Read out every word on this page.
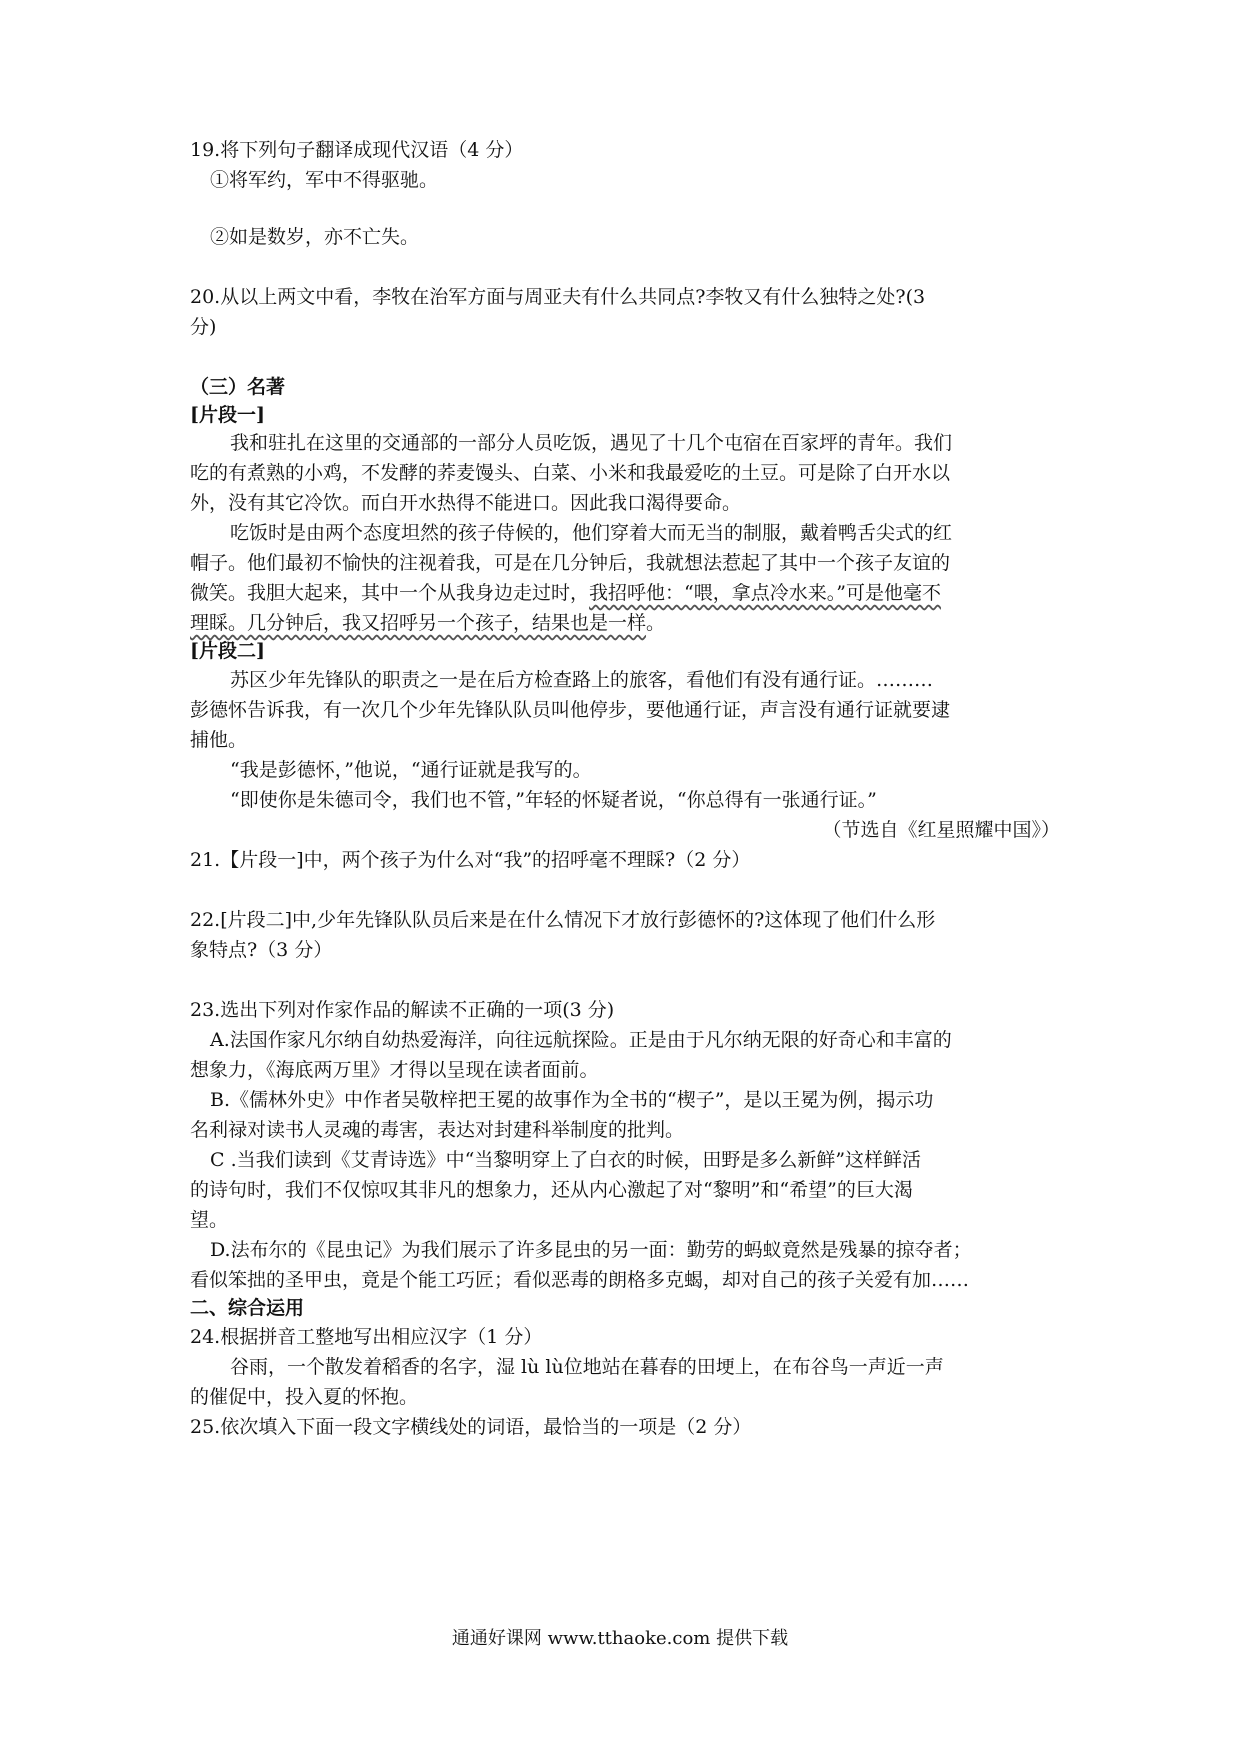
19.将下列句子翻译成现代汉语（4 分）
①将军约，军中不得驱驰。
②如是数岁，亦不亡失。
20.从以上两文中看，李牧在治军方面与周亚夫有什么共同点?李牧又有什么独特之处?(3
分)
（三）名著
[片段一]
我和驻扎在这里的交通部的一部分人员吃饭，遇见了十几个屯宿在百家坪的青年。我们
吃的有煮熟的小鸡，不发酵的荞麦馒头、白菜、小米和我最爱吃的土豆。可是除了白开水以
外，没有其它冷饮。而白开水热得不能进口。因此我口渴得要命。
吃饭时是由两个态度坦然的孩子侍候的，他们穿着大而无当的制服，戴着鸭舌尖式的红
帽子。他们最初不愉快的注视着我，可是在几分钟后，我就想法惹起了其中一个孩子友谊的
微笑。我胆大起来，其中一个从我身边走过时，我招呼他：“喂，拿点冷水来。”可是他毫不
理睬。几分钟后，我又招呼另一个孩子，结果也是一样。
[片段二]
苏区少年先锋队的职责之一是在后方检查路上的旅客，看他们有没有通行证。………
彭德怀告诉我，有一次几个少年先锋队队员叫他停步，要他通行证，声言没有通行证就要逮
捕他。
“我是彭德怀，”他说，“通行证就是我写的。
“即使你是朱德司令，我们也不管，”年轻的怀疑者说，“你总得有一张通行证。”
（节选自《红星照耀中国》）
21.【片段一]中，两个孩子为什么对“我”的招呼毫不理睬?（2 分）
22.[片段二]中,少年先锋队队员后来是在什么情况下才放行彭德怀的?这体现了他们什么形
象特点?（3 分）
23.选出下列对作家作品的解读不正确的一项(3 分)
A.法国作家凡尔纳自幼热爱海洋，向往远航探险。正是由于凡尔纳无限的好奇心和丰富的
想象力，《海底两万里》才得以呈现在读者面前。
B.《儒林外史》中作者吴敬梓把王冕的故事作为全书的“楔子”，是以王冕为例，揭示功
名利禄对读书人灵魂的毒害，表达对封建科举制度的批判。
C .当我们读到《艾青诗选》中“当黎明穿上了白衣的时候，田野是多么新鲜”这样鲜活
的诗句时，我们不仅惊叹其非凡的想象力，还从内心激起了对“黎明”和“希望”的巨大渴
望。
D.法布尔的《昆虫记》为我们展示了许多昆虫的另一面：勤劳的蚂蚁竟然是残暴的掠夺者；
看似笨拙的圣甲虫，竟是个能工巧匠；看似恶毒的朗格多克蝎，却对自己的孩子关爱有加……
二、综合运用
24.根据拼音工整地写出相应汉字（1 分）
谷雨，一个散发着稻香的名字，湿 lù lù位地站在暮春的田埂上，在布谷鸟一声近一声
的催促中，投入夏的怀抱。
25.依次填入下面一段文字横线处的词语，最恰当的一项是（2 分）
通通好课网 www.tthaoke.com 提供下载
